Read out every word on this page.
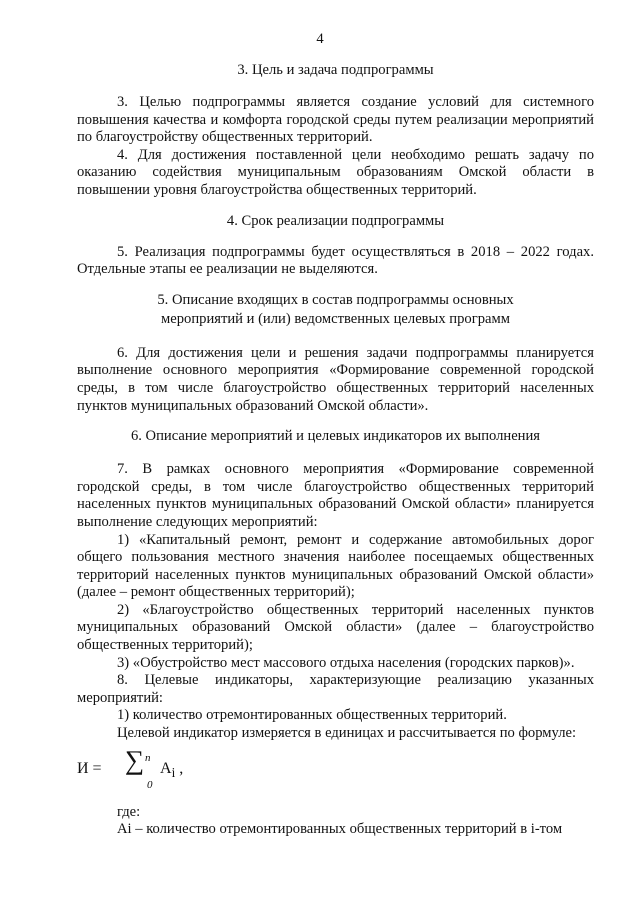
4
3. Цель и задача подпрограммы

3. Целью подпрограммы является создание условий для системного повышения качества и комфорта городской среды путем реализации мероприятий по благоустройству общественных территорий.

4. Для достижения поставленной цели необходимо решать задачу по оказанию содействия муниципальным образованиям Омской области в повышении уровня благоустройства общественных территорий.

4. Срок реализации подпрограммы

5. Реализация подпрограммы будет осуществляться в 2018 – 2022 годах. Отдельные этапы ее реализации не выделяются.

5. Описание входящих в состав подпрограммы основных
мероприятий и (или) ведомственных целевых программ

6. Для достижения цели и решения задачи подпрограммы планируется выполнение основного мероприятия «Формирование современной городской среды, в том числе благоустройство общественных территорий населенных пунктов муниципальных образований Омской области».

6. Описание мероприятий и целевых индикаторов их выполнения

7. В рамках основного мероприятия «Формирование современной городской среды, в том числе благоустройство общественных территорий населенных пунктов муниципальных образований Омской области» планируется выполнение следующих мероприятий:

1) «Капитальный ремонт, ремонт и содержание автомобильных дорог общего пользования местного значения наиболее посещаемых общественных территорий населенных пунктов муниципальных образований Омской области» (далее – ремонт общественных территорий);

2) «Благоустройство общественных территорий населенных пунктов муниципальных образований Омской области» (далее – благоустройство общественных территорий);

3) «Обустройство мест массового отдыха населения (городских парков)».

8. Целевые индикаторы, характеризующие реализацию указанных мероприятий:

1) количество отремонтированных общественных территорий.

Целевой индикатор измеряется в единицах и рассчитывается по формуле:

И = ∑ n
0
$A_i$ ,

где:

Ai – количество отремонтированных общественных территорий в i-том
